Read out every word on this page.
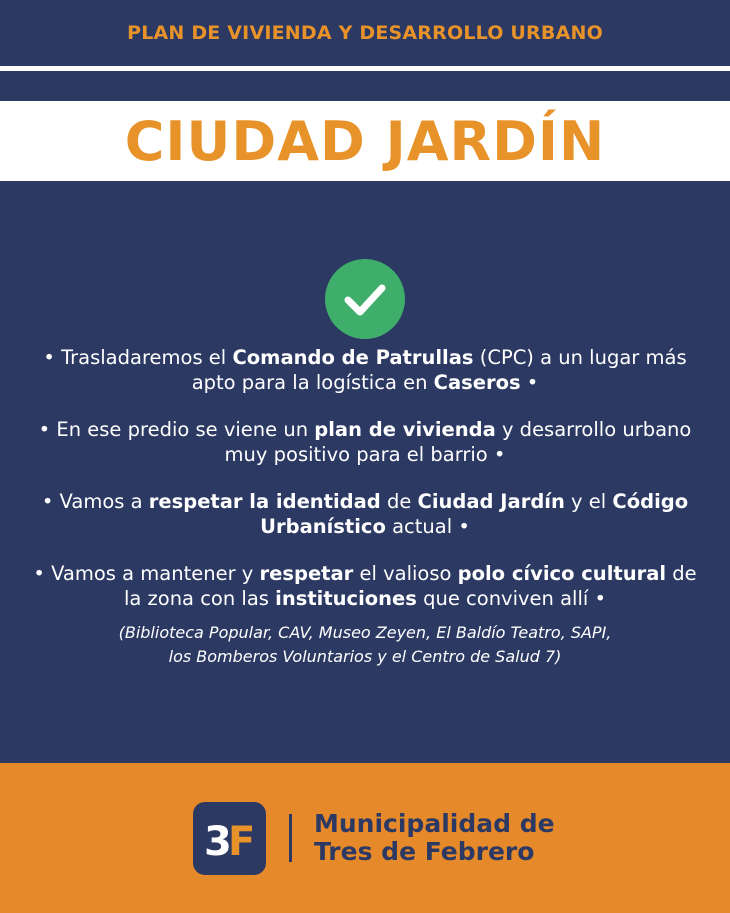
PLAN DE VIVIENDA Y DESARROLLO URBANO
CIUDAD JARDÍN

• Trasladaremos el Comando de Patrullas (CPC) a un lugar más apto para la logística en Caseros •

• En ese predio se viene un plan de vivienda y desarrollo urbano muy positivo para el barrio •

• Vamos a respetar la identidad de Ciudad Jardín y el Código Urbanístico actual •

• Vamos a mantener y respetar el valioso polo cívico cultural de la zona con las instituciones que conviven allí •

(Biblioteca Popular, CAV, Museo Zeyen, El Baldío Teatro, SAPI,
los Bomberos Voluntarios y el Centro de Salud 7)

3
F Municipalidad de
Tres de Febrero
